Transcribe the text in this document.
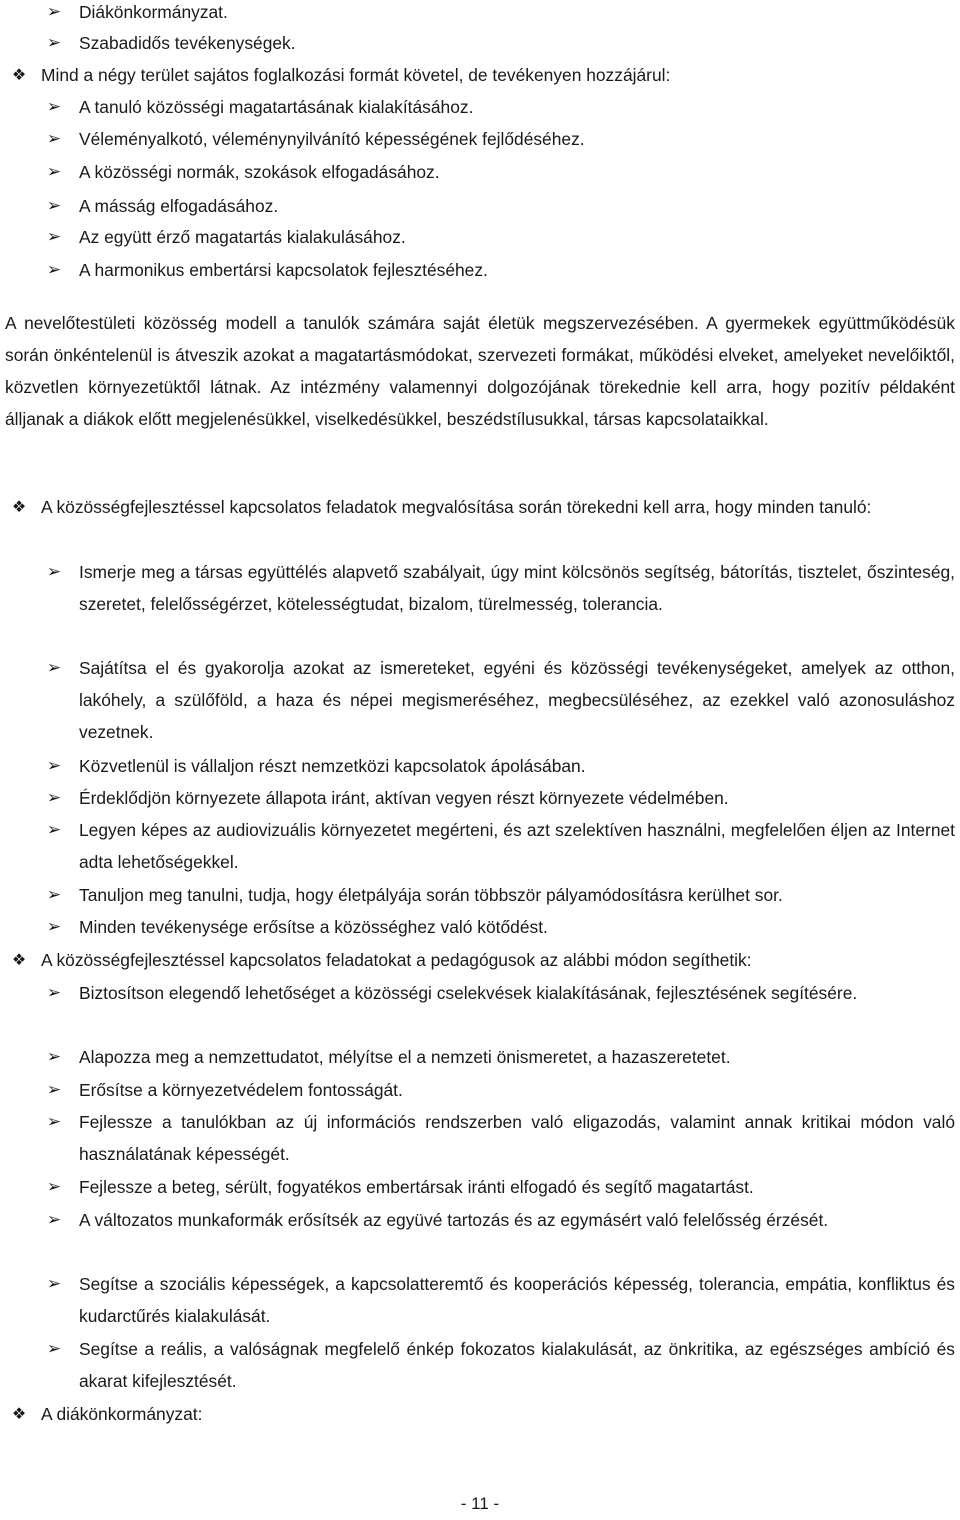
➢ Diákönkormányzat.
➢ Szabadidős tevékenységek.
❖ Mind a négy terület sajátos foglalkozási formát követel, de tevékenyen hozzájárul:
➢ A tanuló közösségi magatartásának kialakításához.
➢ Véleményalkotó, véleménynyilvánító képességének fejlődéséhez.
➢ A közösségi normák, szokások elfogadásához.
➢ A másság elfogadásához.
➢ Az együtt érző magatartás kialakulásához.
➢ A harmonikus embertársi kapcsolatok fejlesztéséhez.
A nevelőtestületi közösség modell a tanulók számára saját életük megszervezésében. A gyermekek együttműködésük során önkéntelenül is átveszik azokat a magatartásmódokat, szervezeti formákat, működési elveket, amelyeket nevelőiktől, közvetlen környezetüktől látnak. Az intézmény valamennyi dolgozójának törekednie kell arra, hogy pozitív példaként álljanak a diákok előtt megjelenésükkel, viselkedésükkel, beszédstílusukkal, társas kapcsolataikkal.
❖ A közösségfejlesztéssel kapcsolatos feladatok megvalósítása során törekedni kell arra, hogy minden tanuló:
➢ Ismerje meg a társas együttélés alapvető szabályait, úgy mint kölcsönös segítség, bátorítás, tisztelet, őszinteség, szeretet, felelősségérzet, kötelességtudat, bizalom, türelmesség, tolerancia.
➢ Sajátítsa el és gyakorolja azokat az ismereteket, egyéni és közösségi tevékenységeket, amelyek az otthon, lakóhely, a szülőföld, a haza és népei megismeréséhez, megbecsüléséhez, az ezekkel való azonosuláshoz vezetnek.
➢ Közvetlenül is vállaljon részt nemzetközi kapcsolatok ápolásában.
➢ Érdeklődjön környezete állapota iránt, aktívan vegyen részt környezete védelmében.
➢ Legyen képes az audiovizuális környezetet megérteni, és azt szelektíven használni, megfelelően éljen az Internet adta lehetőségekkel.
➢ Tanuljon meg tanulni, tudja, hogy életpályája során többször pályamódosításra kerülhet sor.
➢ Minden tevékenysége erősítse a közösséghez való kötődést.
❖ A közösségfejlesztéssel kapcsolatos feladatokat a pedagógusok az alábbi módon segíthetik:
➢ Biztosítson elegendő lehetőséget a közösségi cselekvések kialakításának, fejlesztésének segítésére.
➢ Alapozza meg a nemzettudatot, mélyítse el a nemzeti önismeretet, a hazaszeretetet.
➢ Erősítse a környezetvédelem fontosságát.
➢ Fejlessze a tanulókban az új információs rendszerben való eligazodás, valamint annak kritikai módon való használatának képességét.
➢ Fejlessze a beteg, sérült, fogyatékos embertársak iránti elfogadó és segítő magatartást.
➢ A változatos munkaformák erősítsék az együvé tartozás és az egymásért való felelősség érzését.
➢ Segítse a szociális képességek, a kapcsolatteremtő és kooperációs képesség, tolerancia, empátia, konfliktus és kudarctűrés kialakulását.
➢ Segítse a reális, a valóságnak megfelelő énkép fokozatos kialakulását, az önkritika, az egészséges ambíció és akarat kifejlesztését.
❖ A diákönkormányzat:
- 11 -
